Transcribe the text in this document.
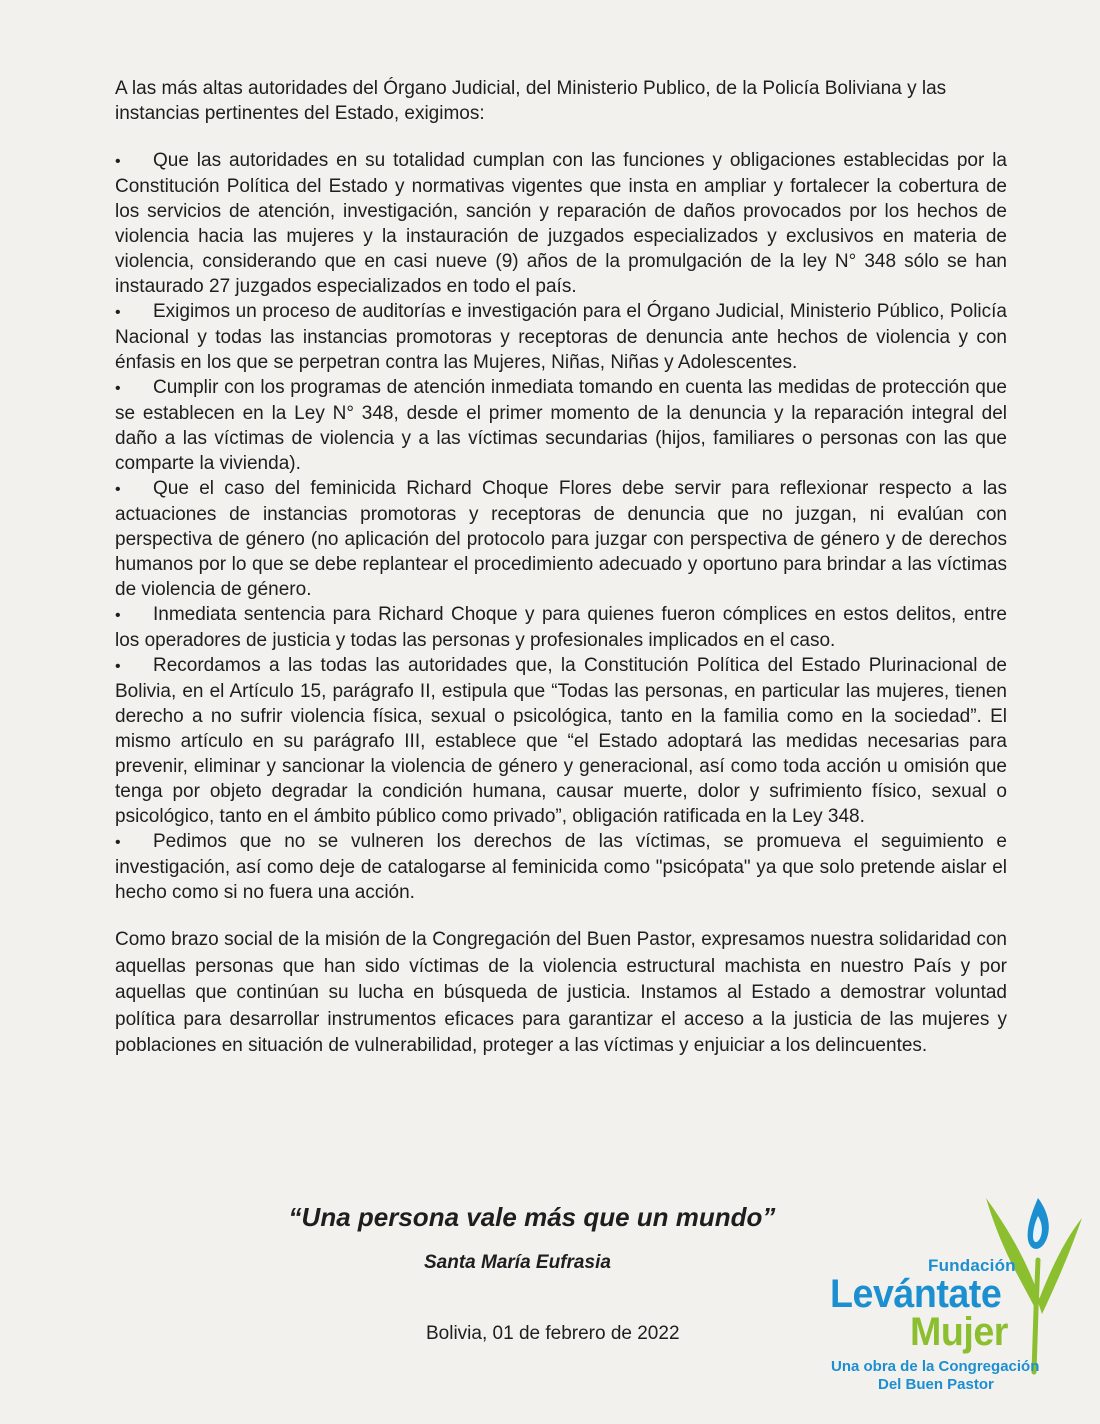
A las más altas autoridades del Órgano Judicial, del Ministerio Publico, de la Policía Boliviana y las instancias pertinentes del Estado, exigimos:

• Que las autoridades en su totalidad cumplan con las funciones y obligaciones establecidas por la Constitución Política del Estado y normativas vigentes que insta en ampliar y fortalecer la cobertura de los servicios de atención, investigación, sanción y reparación de daños provocados por los hechos de violencia hacia las mujeres y la instauración de juzgados especializados y exclusivos en materia de violencia, considerando que en casi nueve (9) años de la promulgación de la ley N° 348 sólo se han instaurado 27 juzgados especializados en todo el país.
• Exigimos un proceso de auditorías e investigación para el Órgano Judicial, Ministerio Público, Policía Nacional y todas las instancias promotoras y receptoras de denuncia ante hechos de violencia y con énfasis en los que se perpetran contra las Mujeres, Niñas, Niñas y Adolescentes.
• Cumplir con los programas de atención inmediata tomando en cuenta las medidas de protección que se establecen en la Ley N° 348, desde el primer momento de la denuncia y la reparación integral del daño a las víctimas de violencia y a las víctimas secundarias (hijos, familiares o personas con las que comparte la vivienda).
• Que el caso del feminicida Richard Choque Flores debe servir para reflexionar respecto a las actuaciones de instancias promotoras y receptoras de denuncia que no juzgan, ni evalúan con perspectiva de género (no aplicación del protocolo para juzgar con perspectiva de género y de derechos humanos por lo que se debe replantear el procedimiento adecuado y oportuno para brindar a las víctimas de violencia de género.
• Inmediata sentencia para Richard Choque y para quienes fueron cómplices en estos delitos, entre los operadores de justicia y todas las personas y profesionales implicados en el caso.
• Recordamos a las todas las autoridades que, la Constitución Política del Estado Plurinacional de Bolivia, en el Artículo 15, parágrafo II, estipula que “Todas las personas, en particular las mujeres, tienen derecho a no sufrir violencia física, sexual o psicológica, tanto en la familia como en la sociedad”. El mismo artículo en su parágrafo III, establece que “el Estado adoptará las medidas necesarias para prevenir, eliminar y sancionar la violencia de género y generacional, así como toda acción u omisión que tenga por objeto degradar la condición humana, causar muerte, dolor y sufrimiento físico, sexual o psicológico, tanto en el ámbito público como privado”, obligación ratificada en la Ley 348.
• Pedimos que no se vulneren los derechos de las víctimas, se promueva el seguimiento e investigación, así como deje de catalogarse al feminicida como "psicópata" ya que solo pretende aislar el hecho como si no fuera una acción.

Como brazo social de la misión de la Congregación del Buen Pastor, expresamos nuestra solidaridad con aquellas personas que han sido víctimas de la violencia estructural machista en nuestro País y por aquellas que continúan su lucha en búsqueda de justicia. Instamos al Estado a demostrar voluntad política para desarrollar instrumentos eficaces para garantizar el acceso a la justicia de las mujeres y poblaciones en situación de vulnerabilidad, proteger a las víctimas y enjuiciar a los delincuentes.

“Una persona vale más que un mundo”

Santa María Eufrasia

Bolivia, 01 de febrero de 2022

Fundación
Levántate
Mujer
Una obra de la Congregación
Del Buen Pastor
